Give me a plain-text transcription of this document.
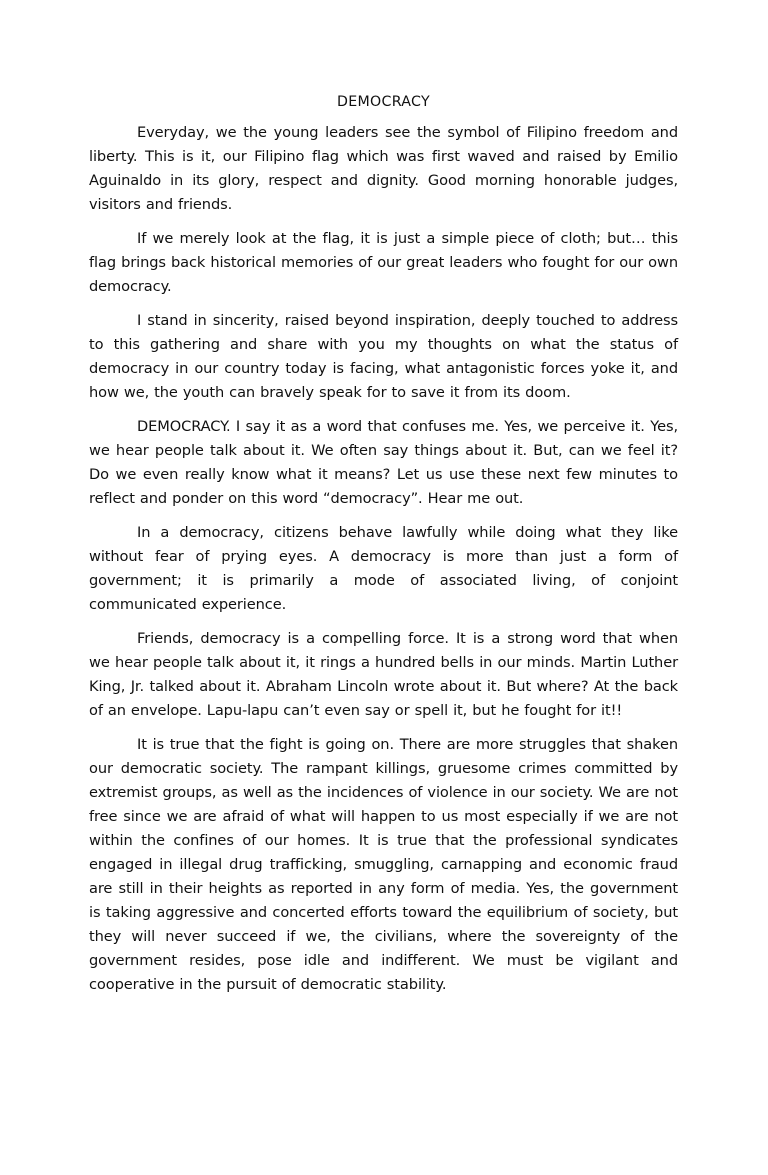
DEMOCRACY

Everyday, we the young leaders see the symbol of Filipino freedom and liberty. This is it, our Filipino flag which was first waved and raised by Emilio Aguinaldo in its glory, respect and dignity. Good morning honorable judges, visitors and friends.

If we merely look at the flag, it is just a simple piece of cloth; but… this flag brings back historical memories of our great leaders who fought for our own democracy.

I stand in sincerity, raised beyond inspiration, deeply touched to address to this gathering and share with you my thoughts on what the status of democracy in our country today is facing, what antagonistic forces yoke it, and how we, the youth can bravely speak for to save it from its doom.

DEMOCRACY. I say it as a word that confuses me. Yes, we perceive it. Yes, we hear people talk about it. We often say things about it. But, can we feel it? Do we even really know what it means? Let us use these next few minutes to reflect and ponder on this word “democracy”. Hear me out.

In a democracy, citizens behave lawfully while doing what they like without fear of prying eyes. A democracy is more than just a form of government; it is primarily a mode of associated living, of conjoint communicated experience.

Friends, democracy is a compelling force. It is a strong word that when we hear people talk about it, it rings a hundred bells in our minds. Martin Luther King, Jr. talked about it. Abraham Lincoln wrote about it. But where? At the back of an envelope. Lapu-lapu can’t even say or spell it, but he fought for it!!

It is true that the fight is going on. There are more struggles that shaken our democratic society. The rampant killings, gruesome crimes committed by extremist groups, as well as the incidences of violence in our society. We are not free since we are afraid of what will happen to us most especially if we are not within the confines of our homes. It is true that the professional syndicates engaged in illegal drug trafficking, smuggling, carnapping and economic fraud are still in their heights as reported in any form of media. Yes, the government is taking aggressive and concerted efforts toward the equilibrium of society, but they will never succeed if we, the civilians, where the sovereignty of the government resides, pose idle and indifferent. We must be vigilant and cooperative in the pursuit of democratic stability.
